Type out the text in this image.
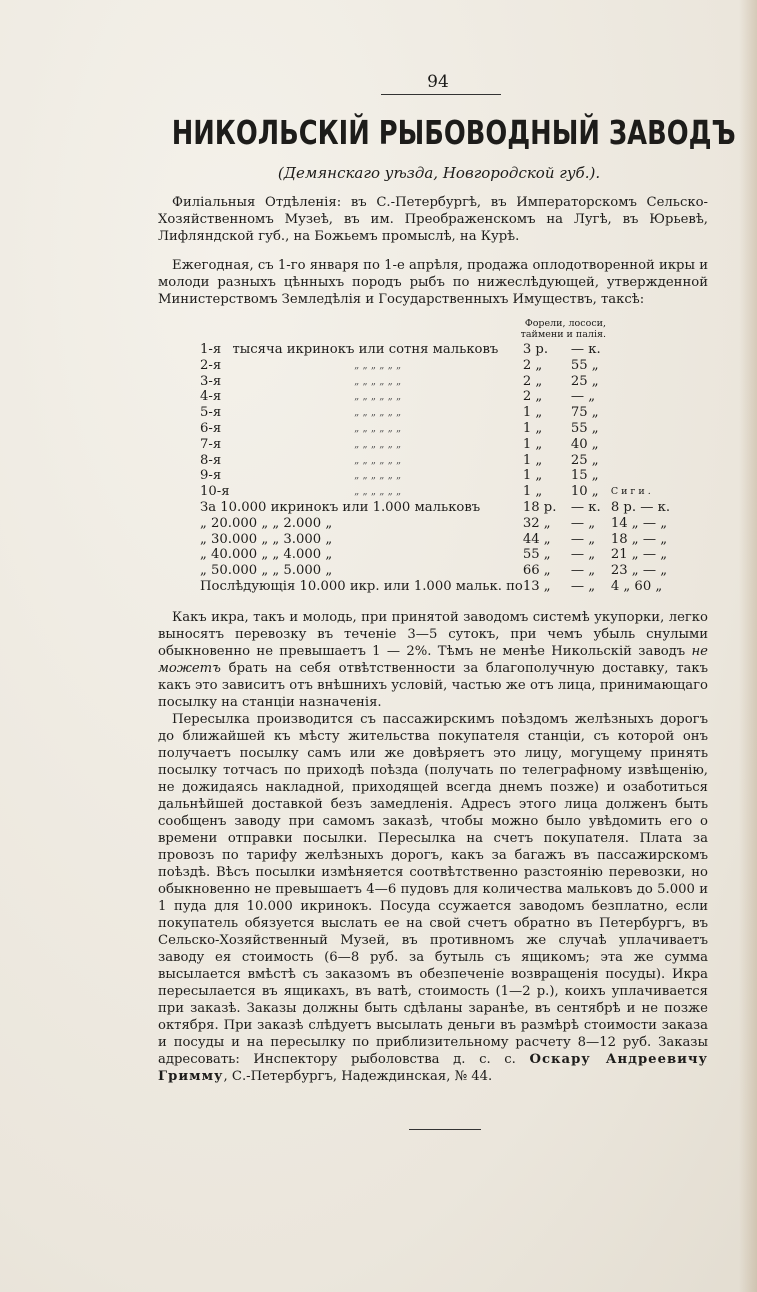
94
НИКОЛЬСКІЙ РЫБОВОДНЫЙ ЗАВОДЪ
(Демянскаго уѣзда, Новгородской губ.).

Филіальныя Отдѣленія: въ С.-Петербургѣ, въ Императорскомъ Сельско-Хозяйственномъ Музеѣ, въ им. Преображенскомъ на Лугѣ, въ Юрьевѣ, Лифляндской губ., на Божьемъ промыслѣ, на Курѣ.

Ежегодная, съ 1-го января по 1-е апрѣля, продажа оплодотворенной икры и молоди разныхъ цѣнныхъ породъ рыбъ по нижеслѣдующей, утвержденной Министерствомъ Земледѣлія и Государственныхъ Имуществъ, таксѣ:

Форели, лососи,
таймени и палія.
1-я	тысяча икринокъ или сотня мальковъ	3 р.	— к.	
2-я	„ „ „ „ „ „	2 „	55 „	
3-я	„ „ „ „ „ „	2 „	25 „	
4-я	„ „ „ „ „ „	2 „	— „	
5-я	„ „ „ „ „ „	1 „	75 „	
6-я	„ „ „ „ „ „	1 „	55 „	
7-я	„ „ „ „ „ „	1 „	40 „	
8-я	„ „ „ „ „ „	1 „	25 „	
9-я	„ „ „ „ „ „	1 „	15 „	
10-я	„ „ „ „ „ „	1 „	10 „	Сиги.
За 10.000 икринокъ или 1.000 мальковъ		18 р.	— к.	8 р. — к.
„ 20.000 „ „ 2.000 „		32 „	— „	14 „ — „
„ 30.000 „ „ 3.000 „		44 „	— „	18 „ — „
„ 40.000 „ „ 4.000 „		55 „	— „	21 „ — „
„ 50.000 „ „ 5.000 „		66 „	— „	23 „ — „
Послѣдующія 10.000 икр. или 1.000 мальк. по		13 „	— „	4 „ 60 „

Какъ икра, такъ и молодь, при принятой заводомъ системѣ укупорки, легко выносятъ перевозку въ теченіе 3—5 сутокъ, при чемъ убыль снулыми обыкновенно не превышаетъ 1 — 2%. Тѣмъ не менѣе Никольскій заводъ не можетъ брать на себя отвѣтственности за благополучную доставку, такъ какъ это зависитъ отъ внѣшнихъ условій, частью же отъ лица, принимающаго посылку на станціи назначенія.

Пересылка производится съ пассажирскимъ поѣздомъ желѣзныхъ дорогъ до ближайшей къ мѣсту жительства покупателя станціи, съ которой онъ получаетъ посылку самъ или же довѣряетъ это лицу, могущему принять посылку тотчасъ по приходѣ поѣзда (получать по телеграфному извѣщенію, не дожидаясь накладной, приходящей всегда днемъ позже) и озаботиться дальнѣйшей доставкой безъ замедленія. Адресъ этого лица долженъ быть сообщенъ заводу при самомъ заказѣ, чтобы можно было увѣдомить его о времени отправки посылки. Пересылка на счетъ покупателя. Плата за провозъ по тарифу желѣзныхъ дорогъ, какъ за багажъ въ пассажирскомъ поѣздѣ. Вѣсъ посылки измѣняется соотвѣтственно разстоянію перевозки, но обыкновенно не превышаетъ 4—6 пудовъ для количества мальковъ до 5.000 и 1 пуда для 10.000 икринокъ. Посуда ссужается заводомъ безплатно, если покупатель обязуется выслать ее на свой счетъ обратно въ Петербургъ, въ Сельско-Хозяйственный Музей, въ противномъ же случаѣ уплачиваетъ заводу ея стоимость (6—8 руб. за бутыль съ ящикомъ; эта же сумма высылается вмѣстѣ съ заказомъ въ обезпеченіе возвращенія посуды). Икра пересылается въ ящикахъ, въ ватѣ, стоимость (1—2 р.), коихъ уплачивается при заказѣ. Заказы должны быть сдѣланы заранѣе, въ сентябрѣ и не позже октября. При заказѣ слѣдуетъ высылать деньги въ размѣрѣ стоимости заказа и посуды и на пересылку по приблизительному расчету 8—12 руб. Заказы адресовать: Инспектору рыболовства д. с. с. Оскару Андреевичу Гримму, С.-Петербургъ, Надеждинская, № 44.
